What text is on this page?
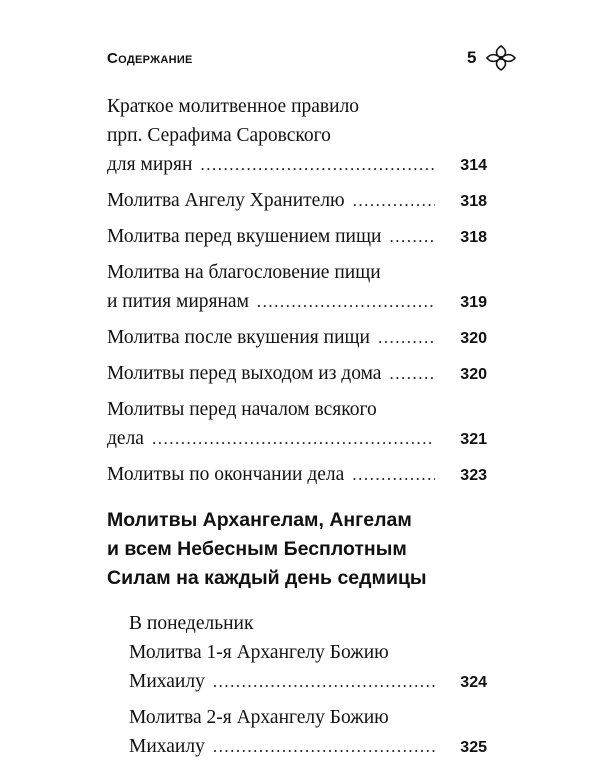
Содержание	5
Краткое молитвенное правило
прп. Серафима Саровского
для мирян .....	314
Молитва Ангелу Хранителю .....	318
Молитва перед вкушением пищи .....	318
Молитва на благословение пищи
и пития мирянам .....	319
Молитва после вкушения пищи .....	320
Молитвы перед выходом из дома .....	320
Молитвы перед началом всякого
дела .....	321
Молитвы по окончании дела .....	323
Молитвы Архангелам, Ангелам
и всем Небесным Бесплотным
Силам на каждый день седмицы
В понедельник
Молитва 1-я Архангелу Божию
Михаилу .....	324
Молитва 2-я Архангелу Божию
Михаилу .....	325
